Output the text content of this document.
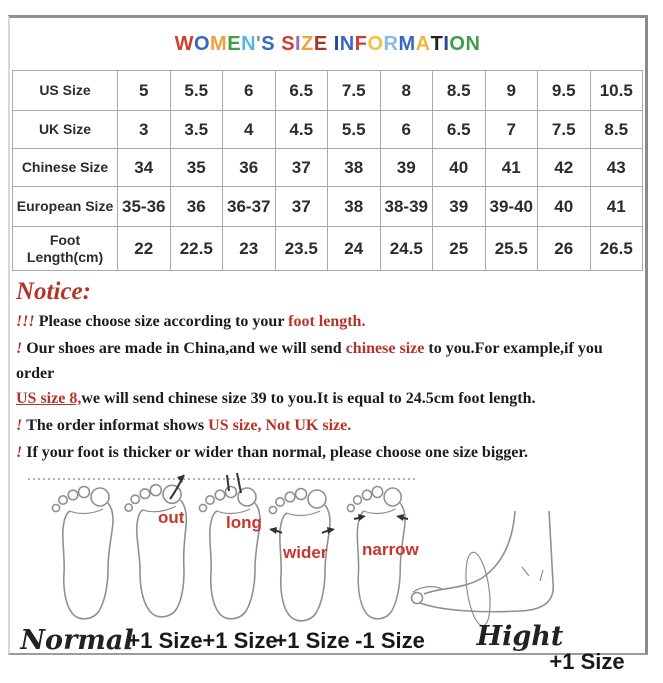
W O M E N ' S
S I Z E
I N F O R M A T I O N
US Size	5	5.5	6	6.5	7.5	8	8.5	9	9.5	10.5
UK Size	3	3.5	4	4.5	5.5	6	6.5	7	7.5	8.5
Chinese Size	34	35	36	37	38	39	40	41	42	43
European Size	35-36	36	36-37	37	38	38-39	39	39-40	40	41
Foot Length(cm)	22	22.5	23	23.5	24	24.5	25	25.5	26	26.5
Notice:

!!! Please choose size according to your foot length.

! Our shoes are made in China,and we will send chinese size to you.For example,if you order
US size 8,we will send chinese size 39 to you.It is equal to 24.5cm foot length.

! The order informat shows US size, Not UK size.

! If your foot is thicker or wider than normal, please choose one size bigger.

Normal
+1 Size +1 Size
+1 Size -1 Size Hight
+1 Size
out long
wider narrow
